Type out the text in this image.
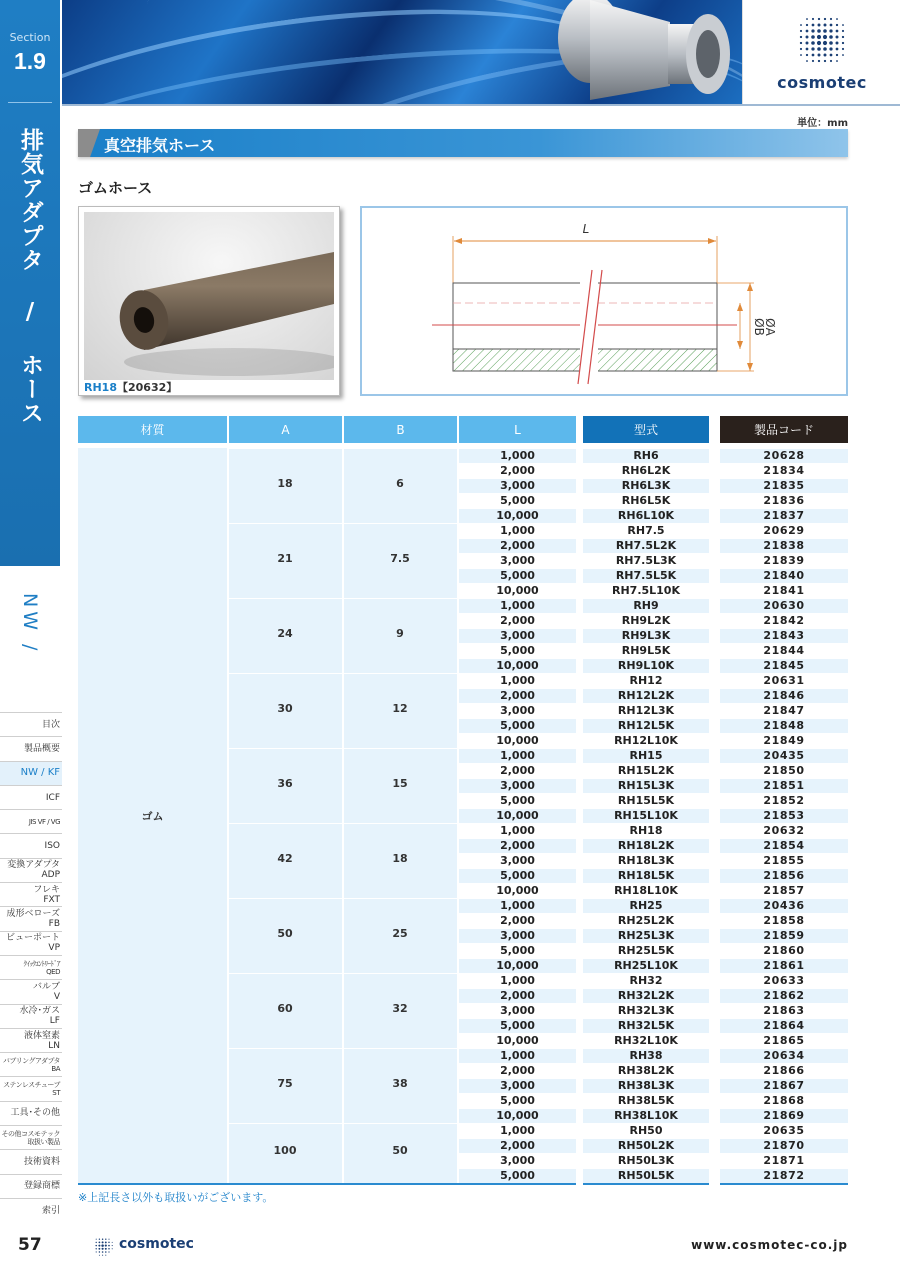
Section
1.9
排気アダプタ / ホース
NW /
目次
製品概要
NW / KF
ICF
JIS VF / VG
ISO
変換アダプタ
ADP
フレキ
FXT
成形ベローズ
FB
ビューポート
VP
ｸｲｯｸｴﾝﾄﾘｰﾄﾞｱ
QED
バルブ
V
水冷･ガス
LF
液体窒素
LN
バブリングアダプタ
BA
ステンレスチューブ
ST
工具･その他
その他コスモテック
取扱い製品
技術資料
登録商標
索引
cosmotec
単位：mm
真空排気ホース
ゴムホース
RH18【20632】
L
ØA
ØB
材質	A	B	L	型式	製品コード
ゴム
18	6
1,000	RH6	20628
2,000	RH6L2K	21834
3,000	RH6L3K	21835
5,000	RH6L5K	21836
10,000	RH6L10K	21837
21	7.5
1,000	RH7.5	20629
2,000	RH7.5L2K	21838
3,000	RH7.5L3K	21839
5,000	RH7.5L5K	21840
10,000	RH7.5L10K	21841
24	9
1,000	RH9	20630
2,000	RH9L2K	21842
3,000	RH9L3K	21843
5,000	RH9L5K	21844
10,000	RH9L10K	21845
30	12
1,000	RH12	20631
2,000	RH12L2K	21846
3,000	RH12L3K	21847
5,000	RH12L5K	21848
10,000	RH12L10K	21849
36	15
1,000	RH15	20435
2,000	RH15L2K	21850
3,000	RH15L3K	21851
5,000	RH15L5K	21852
10,000	RH15L10K	21853
42	18
1,000	RH18	20632
2,000	RH18L2K	21854
3,000	RH18L3K	21855
5,000	RH18L5K	21856
10,000	RH18L10K	21857
50	25
1,000	RH25	20436
2,000	RH25L2K	21858
3,000	RH25L3K	21859
5,000	RH25L5K	21860
10,000	RH25L10K	21861
60	32
1,000	RH32	20633
2,000	RH32L2K	21862
3,000	RH32L3K	21863
5,000	RH32L5K	21864
10,000	RH32L10K	21865
75	38
1,000	RH38	20634
2,000	RH38L2K	21866
3,000	RH38L3K	21867
5,000	RH38L5K	21868
10,000	RH38L10K	21869
100	50
1,000	RH50	20635
2,000	RH50L2K	21870
3,000	RH50L3K	21871
5,000	RH50L5K	21872
※上記長さ以外も取扱いがございます。
57	cosmotec	www.cosmotec-co.jp
